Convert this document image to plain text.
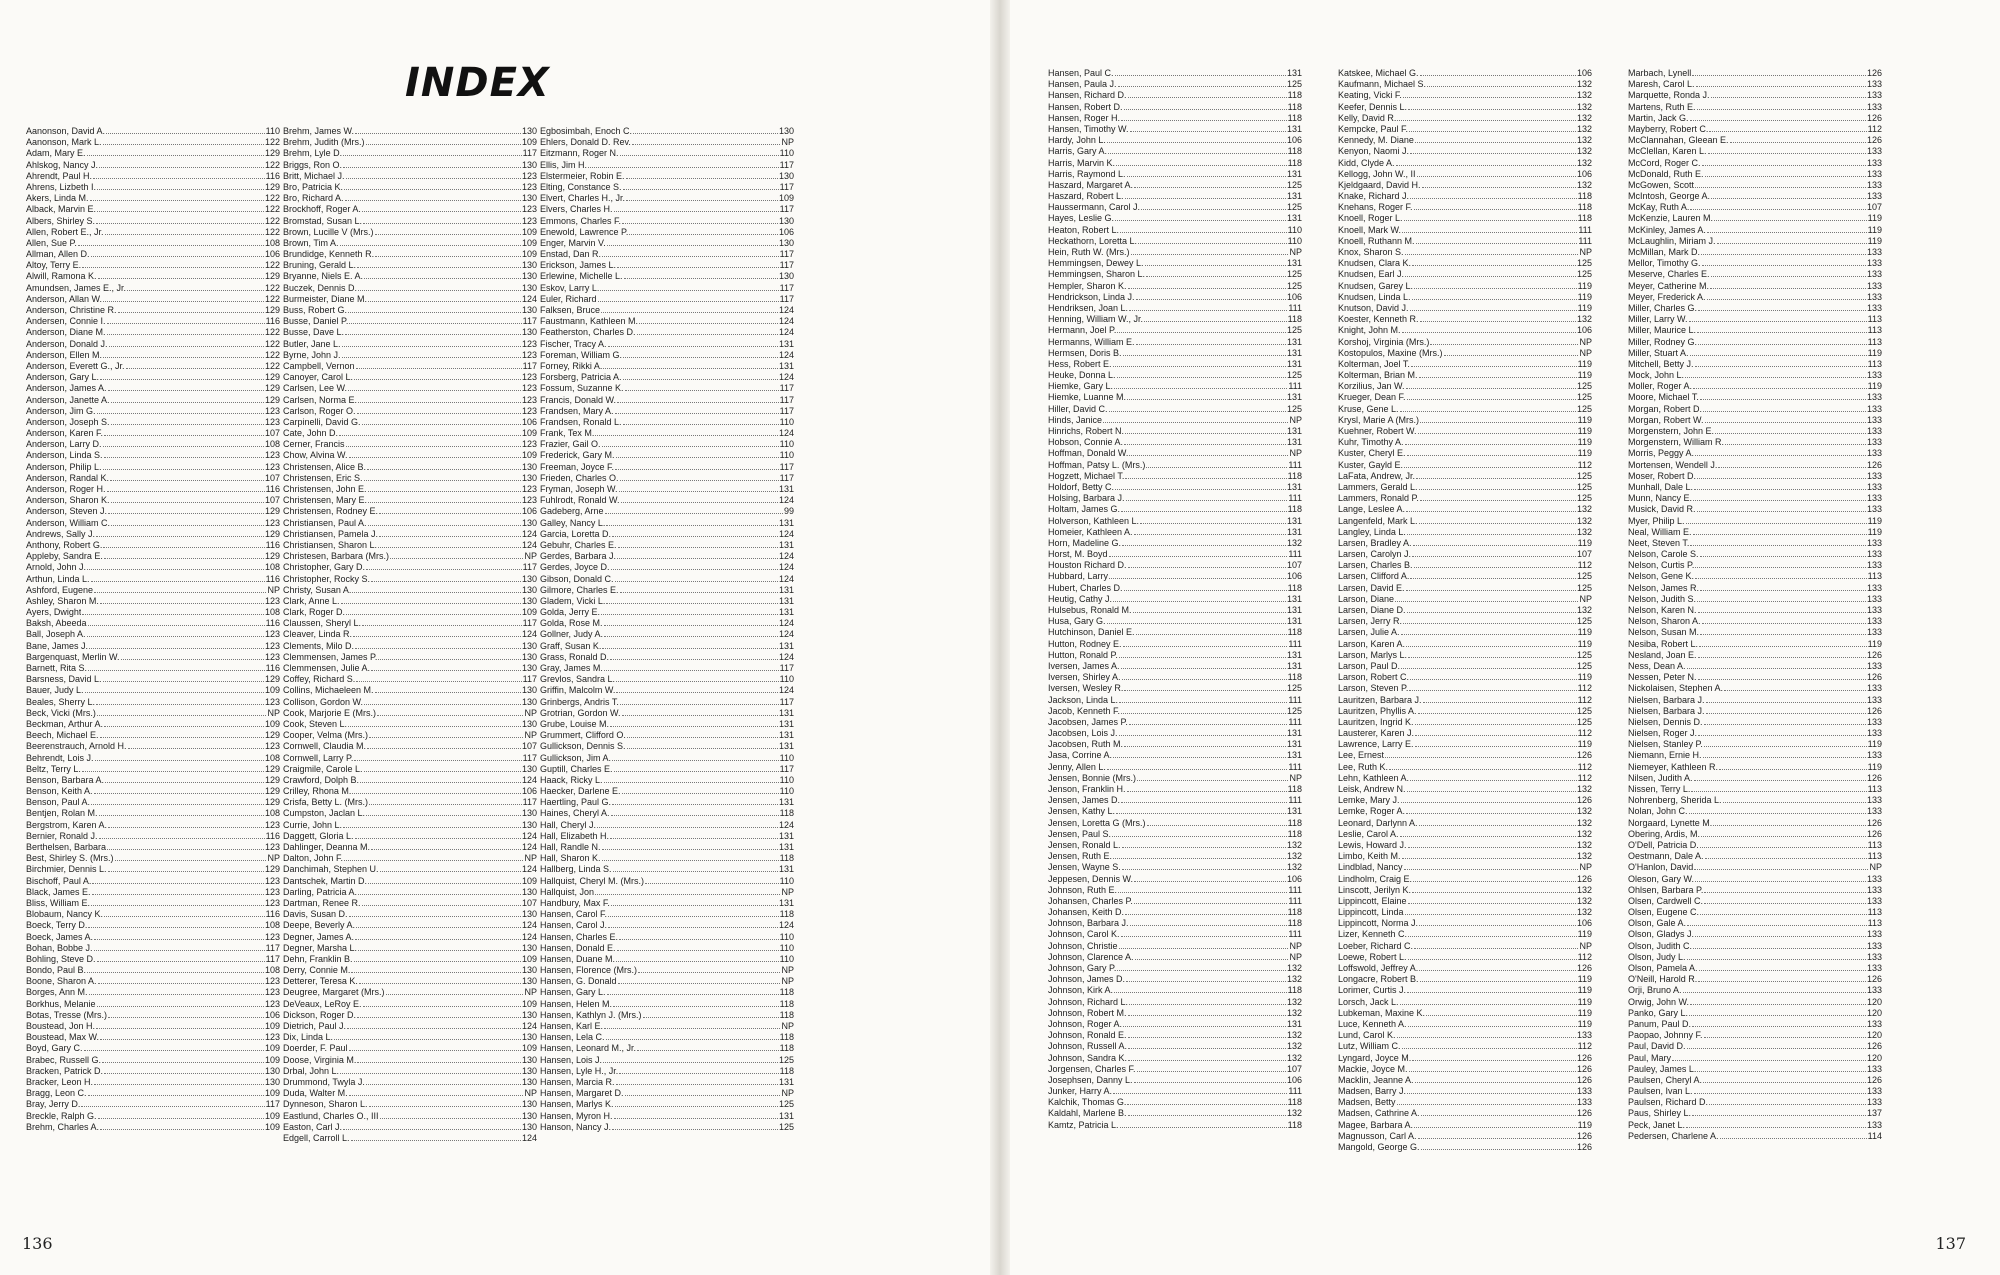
INDEX
Aanonson, David A.	110
Aanonson, Mark L.	122
Adam, Mary E.	129
Ahlskog, Nancy J.	122
Ahrendt, Paul H.	116
Ahrens, Lizbeth I.	129
Akers, Linda M.	122
Alback, Marvin E.	122
Albers, Shirley S.	122
Allen, Robert E., Jr.	122
Allen, Sue P.	108
Allman, Allen D.	106
Altoy, Terry E.	122
Alwill, Ramona K.	129
Amundsen, James E., Jr.	122
Anderson, Allan W.	122
Anderson, Christine R.	129
Andersen, Connie I.	116
Anderson, Diane M.	122
Anderson, Donald J.	122
Anderson, Ellen M.	122
Anderson, Everett G., Jr.	122
Anderson, Gary L.	129
Anderson, James A.	129
Anderson, Janette A.	129
Anderson, Jim G.	123
Anderson, Joseph S.	123
Anderson, Karen F.	107
Anderson, Larry D.	108
Anderson, Linda S.	123
Anderson, Philip L.	123
Anderson, Randal K.	107
Anderson, Roger H.	116
Anderson, Sharon K.	107
Anderson, Steven J.	129
Anderson, William C.	123
Andrews, Sally J.	129
Anthony, Robert G.	116
Appleby, Sandra E.	129
Arnold, John J.	108
Arthun, Linda L.	116
Ashford, Eugene	NP
Ashley, Sharon M.	123
Ayers, Dwight	108
Baksh, Abeeda	116
Ball, Joseph A.	123
Bane, James J.	123
Bargenquast, Merlin W.	123
Barnett, Rita S.	116
Barsness, David L.	129
Bauer, Judy L.	109
Beales, Sherry L.	123
Beck, Vicki (Mrs.)	NP
Beckman, Arthur A.	109
Beech, Michael E.	129
Beerenstrauch, Arnold H.	123
Behrendt, Lois J.	108
Beltz, Terry L.	129
Benson, Barbara A.	129
Benson, Keith A.	129
Benson, Paul A.	129
Bentjen, Rolan M.	108
Bergstrom, Karen A.	123
Bernier, Ronald J.	116
Berthelsen, Barbara	123
Best, Shirley S. (Mrs.)	NP
Birchmier, Dennis L.	129
Bischoff, Paul A.	123
Black, James E.	123
Bliss, William E.	123
Blobaum, Nancy K.	116
Boeck, Terry D.	108
Boeck, James A.	123
Bohan, Bobbe J.	117
Bohling, Steve D.	117
Bondo, Paul B.	108
Boone, Sharon A.	123
Borges, Ann M.	123
Borkhus, Melanie	123
Botas, Tresse (Mrs.)	106
Boustead, Jon H.	109
Boustead, Max W.	123
Boyd, Gary C.	109
Brabec, Russell G.	109
Bracken, Patrick D.	130
Bracker, Leon H.	130
Bragg, Leon C.	109
Bray, Jerry D.	117
Breckle, Ralph G.	109
Brehm, Charles A.	109
Brehm, James W.	130
Brehm, Judith (Mrs.)	109
Brehm, Lyle D.	117
Briggs, Ron O.	130
Britt, Michael J.	123
Bro, Patricia K.	123
Bro, Richard A.	130
Brockhoff, Roger A.	123
Bromstad, Susan L.	123
Brown, Lucille V (Mrs.)	109
Brown, Tim A.	109
Brundidge, Kenneth R.	109
Bruning, Gerald L.	130
Bryanne, Niels E. A.	130
Buczek, Dennis D.	130
Burmeister, Diane M.	124
Buss, Robert G.	130
Busse, Daniel P.	117
Busse, Dave L.	130
Butler, Jane L.	123
Byrne, John J.	123
Campbell, Vernon	117
Canoyer, Carol L.	123
Carlsen, Lee W.	123
Carlsen, Norma E.	123
Carlson, Roger O.	123
Carpinelli, David G.	106
Cate, John D.	109
Cerner, Francis	123
Chow, Alvina W.	109
Christensen, Alice B.	130
Christensen, Eric S.	130
Christensen, John E.	123
Christensen, Mary E.	123
Christensen, Rodney E.	106
Christiansen, Paul A.	130
Christiansen, Pamela J.	124
Christiansen, Sharon L.	124
Christesen, Barbara (Mrs.)	NP
Christopher, Gary D.	117
Christopher, Rocky S.	130
Christy, Susan A.	130
Clark, Anne L.	130
Clark, Roger D.	109
Claussen, Sheryl L.	117
Cleaver, Linda R.	124
Clements, Milo D.	130
Clemmensen, James P.	130
Clemmensen, Julie A.	130
Coffey, Richard S.	117
Collins, Michaeleen M.	130
Collison, Gordon W.	130
Cook, Marjorie E (Mrs.)	NP
Cook, Steven L.	130
Cooper, Velma (Mrs.)	NP
Cornwell, Claudia M.	107
Cornwell, Larry P.	117
Craigmile, Carole L.	130
Crawford, Dolph B.	124
Crilley, Rhona M.	106
Crisfa, Betty L. (Mrs.)	117
Cumpston, Jaclan L.	130
Currie, John L.	130
Daggett, Gloria L.	124
Dahlinger, Deanna M.	124
Dalton, John F.	NP
Danchimah, Stephen U.	124
Dantschek, Martin D.	109
Darling, Patricia A.	130
Dartman, Renee R.	107
Davis, Susan D.	130
Deepe, Beverly A.	124
Degner, James A.	124
Degner, Marsha L.	130
Dehn, Franklin B.	109
Derry, Connie M.	130
Detterer, Teresa K.	130
Deugree, Margaret (Mrs.)	NP
DeVeaux, LeRoy E.	109
Dickson, Roger D.	130
Dietrich, Paul J.	124
Dix, Linda L.	130
Doerder, F. Paul	109
Doose, Virginia M.	130
Drbal, John L.	130
Drummond, Twyla J.	130
Duda, Walter M.	NP
Dynneson, Sharon L.	130
Eastlund, Charles O., III	130
Easton, Carl J.	130
Edgell, Carroll L.	124
Egbosimbah, Enoch C.	130
Ehlers, Donald D. Rev.	NP
Eitzmann, Roger N.	110
Ellis, Jim H.	117
Elstermeier, Robin E.	130
Elting, Constance S.	117
Elvert, Charles H., Jr.	109
Elvers, Charles H.	117
Emmons, Charles F.	130
Enewold, Lawrence P.	106
Enger, Marvin V.	130
Enstad, Dan R.	117
Erickson, James L.	117
Erlewine, Michelle L.	130
Eskov, Larry L.	117
Euler, Richard	117
Falksen, Bruce	124
Faustmann, Kathleen M.	124
Featherston, Charles D.	124
Fischer, Tracy A.	131
Foreman, William G.	124
Forney, Rikki A.	131
Forsberg, Patricia A.	124
Fossum, Suzanne K.	117
Francis, Donald W.	117
Frandsen, Mary A.	117
Frandsen, Ronald L.	110
Frank, Tex M.	124
Frazier, Gail O.	110
Frederick, Gary M.	110
Freeman, Joyce F.	117
Frieden, Charles O.	117
Fryman, Joseph W.	131
Fuhlrodt, Ronald W.	124
Gadeberg, Arne	99
Galley, Nancy L.	131
Garcia, Loretta D.	124
Gebuhr, Charles E.	131
Gerdes, Barbara J.	124
Gerdes, Joyce D.	124
Gibson, Donald C.	124
Gilmore, Charles E.	131
Gladem, Vicki L.	131
Golda, Jerry E.	131
Golda, Rose M.	124
Gollner, Judy A.	124
Graff, Susan K.	131
Grass, Ronald D.	124
Gray, James M.	117
Grevlos, Sandra L.	110
Griffin, Malcolm W.	124
Grinbergs, Andris T.	117
Grotrian, Gordon W.	131
Grube, Louise M.	131
Grummert, Clifford O.	131
Gullickson, Dennis S.	131
Gullickson, Jim A.	110
Guptill, Charles E.	117
Haack, Ricky L.	110
Haecker, Darlene E.	110
Haertling, Paul G.	131
Haines, Cheryl A.	118
Hall, Cheryl J.	124
Hall, Elizabeth H.	131
Hall, Randle N.	131
Hall, Sharon K.	118
Hallberg, Linda S.	131
Hallquist, Cheryl M. (Mrs.)	110
Hallquist, Jon	NP
Handbury, Max F.	131
Hansen, Carol F.	118
Hansen, Carol J.	124
Hansen, Charles E.	110
Hansen, Donald E.	110
Hansen, Duane M.	110
Hansen, Florence (Mrs.)	NP
Hansen, G. Donald	NP
Hansen, Gary L.	118
Hansen, Helen M.	118
Hansen, Kathlyn J. (Mrs.)	118
Hansen, Karl E.	NP
Hansen, Lela C.	118
Hansen, Leonard M., Jr.	118
Hansen, Lois J.	125
Hansen, Lyle H., Jr.	118
Hansen, Marcia R.	131
Hansen, Margaret D.	NP
Hansen, Marlys K.	125
Hansen, Myron H.	131
Hanson, Nancy J.	125
136
Hansen, Paul C.	131
Hansen, Paula J.	125
Hansen, Richard D.	118
Hansen, Robert D.	118
Hansen, Roger H.	118
Hansen, Timothy W.	131
Hardy, John L.	106
Harris, Gary A.	118
Harris, Marvin K.	118
Harris, Raymond L.	131
Haszard, Margaret A.	125
Haszard, Robert L.	131
Haussermann, Carol J.	125
Hayes, Leslie G.	131
Heaton, Robert L.	110
Heckathorn, Loretta L.	110
Hein, Ruth W. (Mrs.)	NP
Hemmingsen, Dewey L.	131
Hemmingsen, Sharon L.	125
Hempler, Sharon K.	125
Hendrickson, Linda J.	106
Hendriksen, Joan L.	111
Henning, William W., Jr.	118
Hermann, Joel P.	125
Hermanns, William E.	131
Hermsen, Doris B.	131
Hess, Robert E.	131
Heuke, Donna L.	125
Hiemke, Gary L.	111
Hiemke, Luanne M.	131
Hiller, David C.	125
Hinds, Janice	NP
Hinrichs, Robert N.	131
Hobson, Connie A.	131
Hoffman, Donald W.	NP
Hoffman, Patsy L. (Mrs.)	111
Hogzett, Michael T.	118
Holdorf, Betty C.	131
Holsing, Barbara J.	111
Holtam, James G.	118
Holverson, Kathleen L.	131
Homeier, Kathleen A.	131
Horn, Madeline G.	132
Horst, M. Boyd	111
Houston Richard D.	107
Hubbard, Larry	106
Hubert, Charles D.	118
Heutig, Cathy J.	131
Hulsebus, Ronald M.	131
Husa, Gary G.	131
Hutchinson, Daniel E.	118
Hutton, Rodney E.	111
Hutton, Ronald P.	131
Iversen, James A.	131
Iversen, Shirley A.	118
Iversen, Wesley R.	125
Jackson, Linda L.	111
Jacob, Kenneth F.	125
Jacobsen, James P.	111
Jacobsen, Lois J.	131
Jacobsen, Ruth M.	131
Jasa, Corrine A.	131
Jenny, Allen L.	111
Jensen, Bonnie (Mrs.)	NP
Jenson, Franklin H.	118
Jensen, James D.	111
Jensen, Kathy L.	131
Jensen, Loretta G (Mrs.)	118
Jensen, Paul S.	118
Jensen, Ronald L.	132
Jensen, Ruth E.	132
Jensen, Wayne S.	132
Jeppesen, Dennis W.	106
Johnson, Ruth E.	111
Johansen, Charles P.	111
Johansen, Keith D.	118
Johnson, Barbara J.	118
Johnson, Carol K.	111
Johnson, Christie	NP
Johnson, Clarence A.	NP
Johnson, Gary P.	132
Johnson, James D.	132
Johnson, Kirk A.	118
Johnson, Richard L.	132
Johnson, Robert M.	132
Johnson, Roger A.	131
Johnson, Ronald E.	132
Johnson, Russell A.	132
Johnson, Sandra K.	132
Jorgensen, Charles F.	107
Josephsen, Danny L.	106
Junker, Harry A.	111
Kalchik, Thomas G.	118
Kaldahl, Marlene B.	132
Kamtz, Patricia L.	118
Katskee, Michael G.	106
Kaufmann, Michael S.	132
Keating, Vicki F.	132
Keefer, Dennis L.	132
Kelly, David R.	132
Kempcke, Paul F.	132
Kennedy, M. Diane	132
Kenyon, Naomi J.	132
Kidd, Clyde A.	132
Kellogg, John W., II	106
Kjeldgaard, David H.	132
Knake, Richard J.	118
Knehans, Roger F.	118
Knoell, Roger L.	118
Knoell, Mark W.	111
Knoell, Ruthann M.	111
Knox, Sharon S.	NP
Knudsen, Clara K.	125
Knudsen, Earl J.	125
Knudsen, Garey L.	119
Knudsen, Linda L.	119
Knutson, David J.	119
Koester, Kenneth R.	132
Knight, John M.	106
Korshoj, Virginia (Mrs.)	NP
Kostopulos, Maxine (Mrs.)	NP
Kolterman, Joel T.	119
Kolterman, Brian M.	119
Korzilius, Jan W.	125
Krueger, Dean F.	125
Kruse, Gene L.	125
Krysl, Marie A (Mrs.)	119
Kuehner, Robert W.	119
Kuhr, Timothy A.	119
Kuster, Cheryl E.	119
Kuster, Gayld E.	112
LaFata, Andrew, Jr.	125
Lammers, Gerald L.	125
Lammers, Ronald P.	125
Lange, Leslee A.	132
Langenfeld, Mark L.	132
Langley, Linda L.	132
Larsen, Bradley A.	119
Larsen, Carolyn J.	107
Larsen, Charles B.	112
Larsen, Clifford A.	125
Larsen, David E.	125
Larson, Diane	NP
Larsen, Diane D.	132
Larsen, Jerry R.	125
Larsen, Julie A.	119
Larson, Karen A.	119
Larson, Marlys L.	125
Larson, Paul D.	125
Larson, Robert C.	119
Larson, Steven P.	112
Lauritzen, Barbara J.	112
Lauritzen, Phyllis A.	125
Lauritzen, Ingrid K.	125
Lausterer, Karen J.	112
Lawrence, Larry E.	119
Lee, Ernest	126
Lee, Ruth K.	112
Lehn, Kathleen A.	112
Leisk, Andrew N.	132
Lemke, Mary J.	126
Lemke, Roger A.	132
Leonard, Darlynn A.	132
Leslie, Carol A.	132
Lewis, Howard J.	132
Limbo, Keith M.	132
Lindblad, Nancy	NP
Lindholm, Craig E.	126
Linscott, Jerilyn K.	132
Lippincott, Elaine	132
Lippincott, Linda	132
Lippincott, Norma J.	106
Lizer, Kenneth C.	119
Loeber, Richard C.	NP
Loewe, Robert L.	112
Loffswold, Jeffrey A.	126
Longacre, Robert B.	119
Lorimer, Curtis J.	119
Lorsch, Jack L.	119
Lubkeman, Maxine K.	119
Luce, Kenneth A.	119
Lund, Carol K.	133
Lutz, William C.	112
Lyngard, Joyce M.	126
Mackie, Joyce M.	126
Macklin, Jeanne A.	126
Madsen, Barry J.	133
Madsen, Betty	133
Madsen, Cathrine A.	126
Magee, Barbara A.	119
Magnusson, Carl A.	126
Mangold, George G.	126
Marbach, Lynell	126
Maresh, Carol L.	133
Marquette, Ronda J.	133
Martens, Ruth E.	133
Martin, Jack G.	126
Mayberry, Robert C.	112
McClannahan, Gleean E.	126
McClellan, Karen L.	133
McCord, Roger C.	133
McDonald, Ruth E.	133
McGowen, Scott	133
McIntosh, George A.	133
McKay, Ruth A.	107
McKenzie, Lauren M.	119
McKinley, James A.	119
McLaughlin, Miriam J.	119
McMillan, Mark D.	133
Mellor, Timothy G.	133
Meserve, Charles E.	133
Meyer, Catherine M.	133
Meyer, Frederick A.	133
Miller, Charles G.	133
Miller, Larry W.	113
Miller, Maurice L.	113
Miller, Rodney G.	113
Miller, Stuart A.	119
Mitchell, Betty J.	113
Mock, John L.	133
Moller, Roger A.	119
Moore, Michael T.	133
Morgan, Robert D.	133
Morgan, Robert W.	133
Morgenstern, John E.	133
Morgenstern, William R.	133
Morris, Peggy A.	133
Mortensen, Wendell J.	126
Moser, Robert D.	133
Munhall, Dale L.	133
Munn, Nancy E.	133
Musick, David R.	133
Myer, Philip L.	119
Neal, William E.	119
Neet, Steven T.	133
Nelson, Carole S.	133
Nelson, Curtis P.	133
Nelson, Gene K.	113
Nelson, James R.	133
Nelson, Judith S.	133
Nelson, Karen N.	133
Nelson, Sharon A.	133
Nelson, Susan M.	133
Nesiba, Robert L.	119
Nesland, Joan E.	126
Ness, Dean A.	133
Nessen, Peter N.	126
Nickolaisen, Stephen A.	133
Nielsen, Barbara J.	133
Nielsen, Barbara J.	126
Nielsen, Dennis D.	133
Nielsen, Roger J.	133
Nielsen, Stanley P.	119
Niemann, Ernie H.	133
Niemeyer, Kathleen R.	119
Nilsen, Judith A.	126
Nissen, Terry L.	113
Nohrenberg, Sherida L.	133
Nolan, John C.	133
Norgaard, Lynette M.	126
Obering, Ardis, M.	126
O'Dell, Patricia D.	113
Oestmann, Dale A.	113
O'Hanlon, David	NP
Oleson, Gary W.	133
Ohlsen, Barbara P.	133
Olsen, Cardwell C.	133
Olsen, Eugene C.	113
Olson, Gale A.	113
Olson, Gladys J.	133
Olson, Judith C.	133
Olson, Judy L.	133
Olson, Pamela A.	133
O'Neill, Harold R.	126
Orji, Bruno A.	133
Orwig, John W.	120
Panko, Gary L.	120
Panum, Paul D.	133
Paopao, Johnny F.	120
Paul, David D.	126
Paul, Mary	120
Pauley, James L.	133
Paulsen, Cheryl A.	126
Paulsen, Ivan L.	133
Paulsen, Richard D.	133
Paus, Shirley L.	137
Peck, Janet L.	133
Pedersen, Charlene A.	114
137
